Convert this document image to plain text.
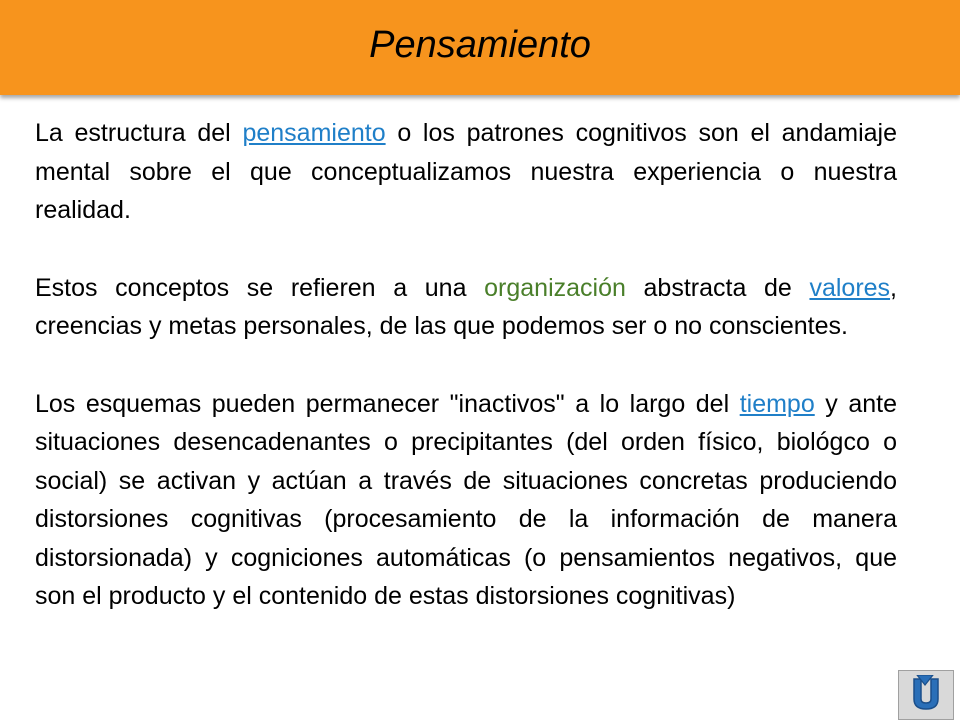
Pensamiento

La estructura del pensamiento o los patrones cognitivos son el andamiaje mental sobre el que conceptualizamos nuestra experiencia o nuestra realidad.

Estos conceptos se refieren a una organización abstracta de valores, creencias y metas personales, de las que podemos ser o no conscientes.

Los esquemas pueden permanecer "inactivos" a lo largo del tiempo y ante situaciones desencadenantes o precipitantes (del orden físico, biológco o social) se activan y actúan a través de situaciones concretas produciendo distorsiones cognitivas (procesamiento de la información de manera distorsionada) y cogniciones automáticas (o pensamientos negativos, que son el producto y el contenido de estas distorsiones cognitivas)
